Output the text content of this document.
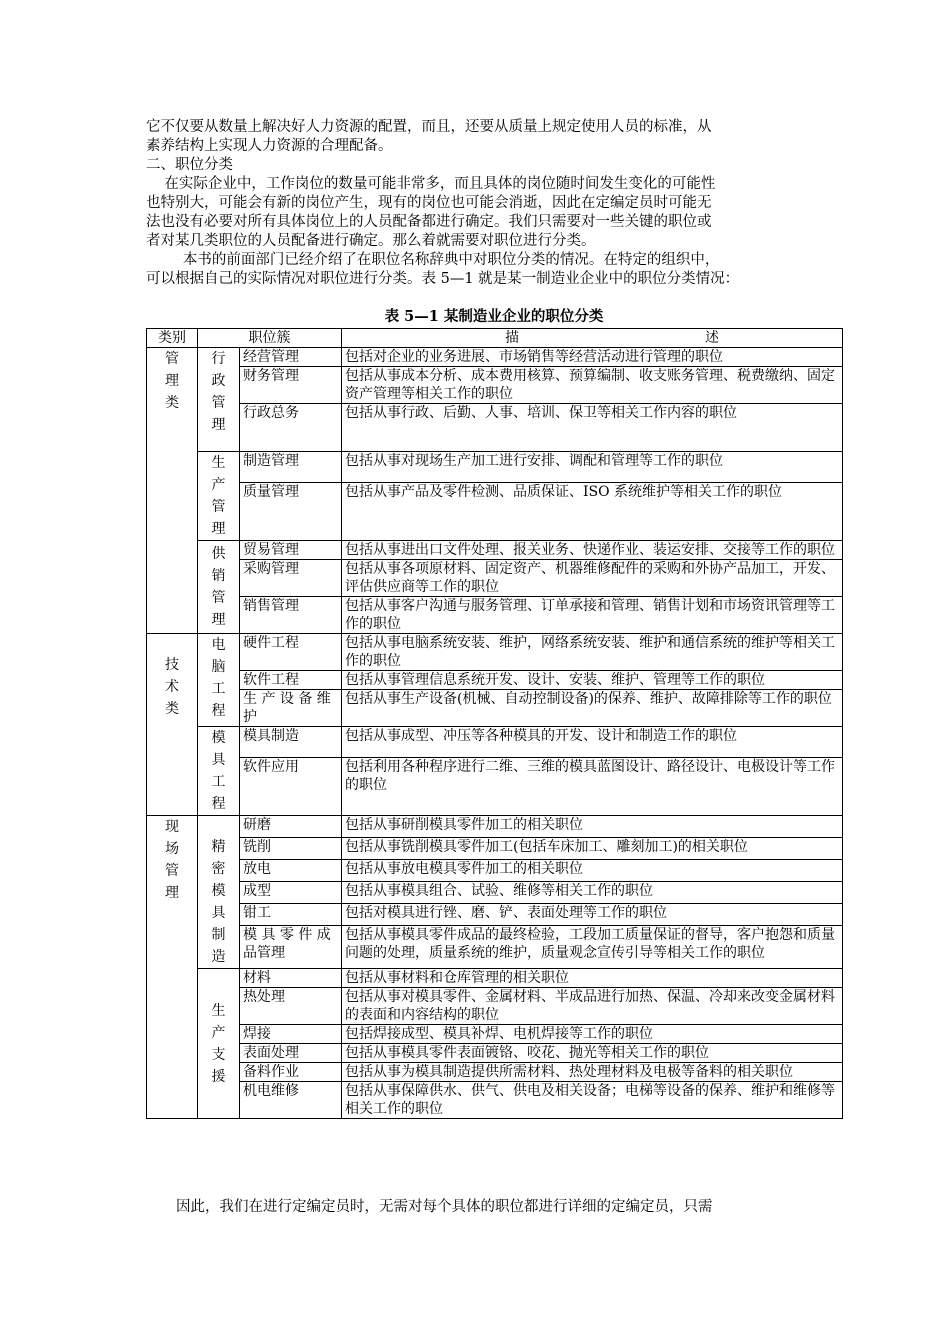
它不仅要从数量上解决好人力资源的配置，而且，还要从质量上规定使用人员的标准，从
素养结构上实现人力资源的合理配备。
二、职位分类
在实际企业中，工作岗位的数量可能非常多，而且具体的岗位随时间发生变化的可能性
也特别大，可能会有新的岗位产生，现有的岗位也可能会消逝，因此在定编定员时可能无
法也没有必要对所有具体岗位上的人员配备都进行确定。我们只需要对一些关键的职位或
者对某几类职位的人员配备进行确定。那么着就需要对职位进行分类。
本书的前面部门已经介绍了在职位名称辞典中对职位分类的情况。在特定的组织中，
可以根据自己的实际情况对职位进行分类。表 5—1 就是某一制造业企业中的职位分类情况：
表 5—1 某制造业企业的职位分类
类别	职位簇		描 述

管理类	行政管理	经营管理	包括对企业的业务进展、市场销售等经营活动进行管理的职位
		财务管理	包括从事成本分析、成本费用核算、预算编制、收支账务管理、税费缴纳、固定资产管理等相关工作的职位
		行政总务	包括从事行政、后勤、人事、培训、保卫等相关工作内容的职位
	生产管理	制造管理	包括从事对现场生产加工进行安排、调配和管理等工作的职位
		质量管理	包括从事产品及零件检测、品质保证、ISO 系统维护等相关工作的职位
	供销管理	贸易管理	包括从事进出口文件处理、报关业务、快递作业、装运安排、交接等工作的职位
		采购管理	包括从事各项原材料、固定资产、机器维修配件的采购和外协产品加工，开发、评估供应商等工作的职位
		销售管理	包括从事客户沟通与服务管理、订单承接和管理、销售计划和市场资讯管理等工作的职位
技术类	电脑工程	硬件工程	包括从事电脑系统安装、维护，网络系统安装、维护和通信系统的维护等相关工作的职位
		软件工程	包括从事管理信息系统开发、设计、安装、维护、管理等工作的职位
		生 产 设 备 维护	包括从事生产设备(机械、自动控制设备)的保养、维护、故障排除等工作的职位
	模具工程	模具制造	包括从事成型、冲压等各种模具的开发、设计和制造工作的职位
		软件应用	包括利用各种程序进行二维、三维的模具蓝图设计、路径设计、电极设计等工作的职位
现场管理	精密模具制造	研磨	包括从事研削模具零件加工的相关职位
		铣削	包括从事铣削模具零件加工(包括车床加工、雕刻加工)的相关职位
		放电	包括从事放电模具零件加工的相关职位
		成型	包括从事模具组合、试验、维修等相关工作的职位
		钳工	包括对模具进行锉、磨、铲、表面处理等工作的职位
		模 具 零 件 成品管理	包括从事模具零件成品的最终检验，工段加工质量保证的督导，客户抱怨和质量问题的处理，质量系统的维护，质量观念宣传引导等相关工作的职位
	生产支援	材料	包括从事材料和仓库管理的相关职位
		热处理	包括从事对模具零件、金属材料、半成品进行加热、保温、冷却来改变金属材料的表面和内容结构的职位
		焊接	包括焊接成型、模具补焊、电机焊接等工作的职位
		表面处理	包括从事模具零件表面镀铬、咬花、抛光等相关工作的职位
		备料作业	包括从事为模具制造提供所需材料、热处理材料及电极等备料的相关职位
		机电维修	包括从事保障供水、供气、供电及相关设备；电梯等设备的保养、维护和维修等相关工作的职位
因此，我们在进行定编定员时，无需对每个具体的职位都进行详细的定编定员，只需
